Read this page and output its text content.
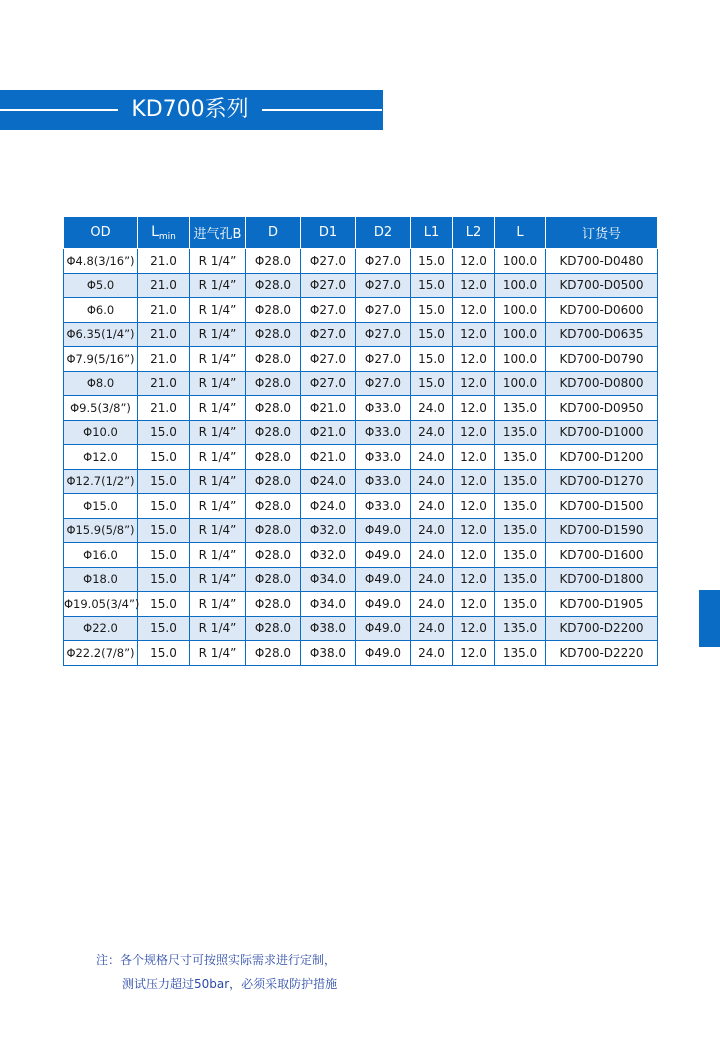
KD700系列
OD	$L_{min}$	进气孔B	D	D1	D2	L1	L2	L	订货号
Φ4.8(3/16”)	21.0	R 1/4”	Φ28.0	Φ27.0	Φ27.0	15.0	12.0	100.0	KD700-D0480
Φ5.0	21.0	R 1/4”	Φ28.0	Φ27.0	Φ27.0	15.0	12.0	100.0	KD700-D0500
Φ6.0	21.0	R 1/4”	Φ28.0	Φ27.0	Φ27.0	15.0	12.0	100.0	KD700-D0600
Φ6.35(1/4”)	21.0	R 1/4”	Φ28.0	Φ27.0	Φ27.0	15.0	12.0	100.0	KD700-D0635
Φ7.9(5/16”)	21.0	R 1/4”	Φ28.0	Φ27.0	Φ27.0	15.0	12.0	100.0	KD700-D0790
Φ8.0	21.0	R 1/4”	Φ28.0	Φ27.0	Φ27.0	15.0	12.0	100.0	KD700-D0800
Φ9.5(3/8”)	21.0	R 1/4”	Φ28.0	Φ21.0	Φ33.0	24.0	12.0	135.0	KD700-D0950
Φ10.0	15.0	R 1/4”	Φ28.0	Φ21.0	Φ33.0	24.0	12.0	135.0	KD700-D1000
Φ12.0	15.0	R 1/4”	Φ28.0	Φ21.0	Φ33.0	24.0	12.0	135.0	KD700-D1200
Φ12.7(1/2”)	15.0	R 1/4”	Φ28.0	Φ24.0	Φ33.0	24.0	12.0	135.0	KD700-D1270
Φ15.0	15.0	R 1/4”	Φ28.0	Φ24.0	Φ33.0	24.0	12.0	135.0	KD700-D1500
Φ15.9(5/8”)	15.0	R 1/4”	Φ28.0	Φ32.0	Φ49.0	24.0	12.0	135.0	KD700-D1590
Φ16.0	15.0	R 1/4”	Φ28.0	Φ32.0	Φ49.0	24.0	12.0	135.0	KD700-D1600
Φ18.0	15.0	R 1/4”	Φ28.0	Φ34.0	Φ49.0	24.0	12.0	135.0	KD700-D1800
Φ19.05(3/4”)	15.0	R 1/4”	Φ28.0	Φ34.0	Φ49.0	24.0	12.0	135.0	KD700-D1905
Φ22.0	15.0	R 1/4”	Φ28.0	Φ38.0	Φ49.0	24.0	12.0	135.0	KD700-D2200
Φ22.2(7/8”)	15.0	R 1/4”	Φ28.0	Φ38.0	Φ49.0	24.0	12.0	135.0	KD700-D2220
注：各个规格尺寸可按照实际需求进行定制，
测试压力超过50bar，必须采取防护措施
